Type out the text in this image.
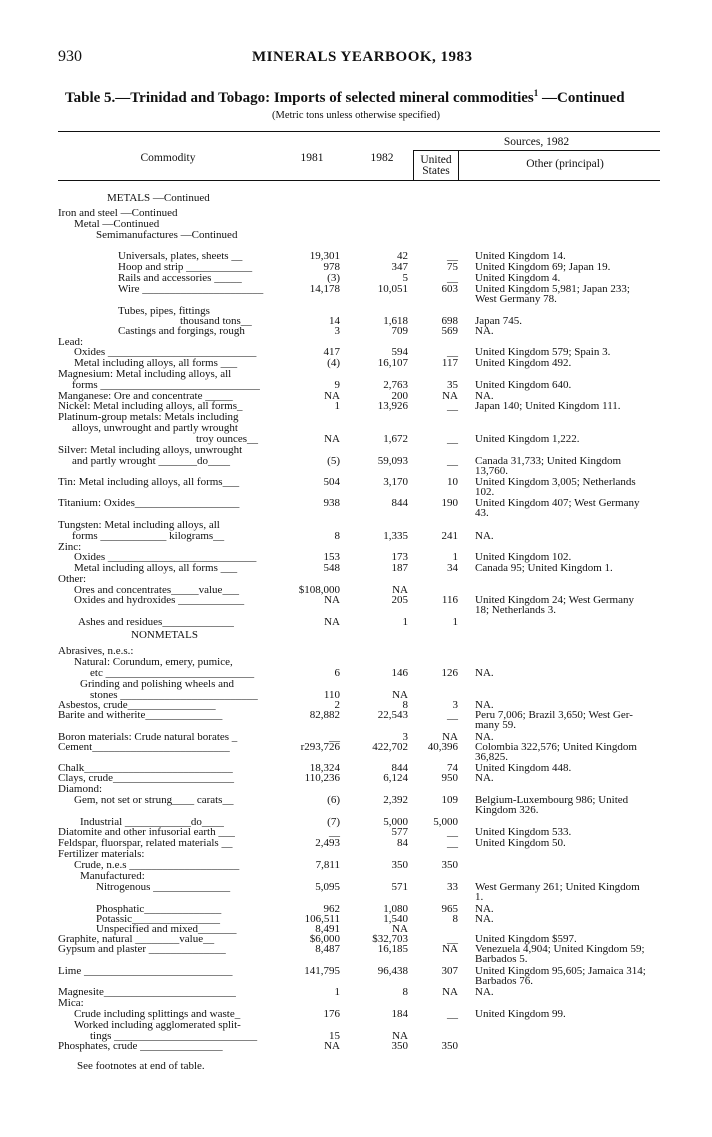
930	MINERALS YEARBOOK, 1983
Table 5.—Trinidad and Tobago: Imports of selected mineral commodities$^1$ —Continued
(Metric tons unless otherwise specified)
Commodity	1981	1982
Sources, 1982
United
States
Other (principal)
METALS —Continued
Iron and steel —Continued
Metal —Continued
Semimanufactures —Continued
Universals, plates, sheets __	19,301	42	__ United Kingdom 14.
Hoop and strip ____________	978	347	75 United Kingdom 69; Japan 19.
Rails and accessories _____	(3)	5	__ United Kingdom 4.
Wire ______________________	14,178	10,051	603 United Kingdom 5,981; Japan 233;
West Germany 78.
Tubes, pipes, fittings
thousand tons__	14	1,618	698 Japan 745.
Castings and forgings, rough	3	709	569 NA.
Lead:
Oxides ___________________________	417	594	__ United Kingdom 579; Spain 3.
Metal including alloys, all forms ___	(4)	16,107	117 United Kingdom 492.
Magnesium: Metal including alloys, all
forms _____________________________	9	2,763	35 United Kingdom 640.
Manganese: Ore and concentrate _____	NA	200	NA NA.
Nickel: Metal including alloys, all forms_	1	13,926	__ Japan 140; United Kingdom 111.
Platinum-group metals: Metals including
alloys, unwrought and partly wrought
troy ounces__	NA	1,672	__ United Kingdom 1,222.
Silver: Metal including alloys, unwrought
and partly wrought _______do____	(5)	59,093	__ Canada 31,733; United Kingdom
13,760.
Tin: Metal including alloys, all forms___	504	3,170	10 United Kingdom 3,005; Netherlands
102.
Titanium: Oxides___________________	938	844	190 United Kingdom 407; West Germany
43.
Tungsten: Metal including alloys, all
forms ____________ kilograms__	8	1,335	241 NA.
Zinc:
Oxides ___________________________	153	173	1 United Kingdom 102.
Metal including alloys, all forms ___	548	187	34 Canada 95; United Kingdom 1.
Other:
Ores and concentrates_____value___	$108,000	NA
Oxides and hydroxides ____________	NA	205	116 United Kingdom 24; West Germany
18; Netherlands 3.
Ashes and residues_____________	NA	1	1
NONMETALS
Abrasives, n.e.s.:
Natural: Corundum, emery, pumice,
etc ___________________________	6	146	126 NA.
Grinding and polishing wheels and
stones _________________________	110	NA
Asbestos, crude________________	2	8	3 NA.
Barite and witherite______________	82,882	22,543	__ Peru 7,006; Brazil 3,650; West Ger-
many 59.
Boron materials: Crude natural borates _	__	3	NA NA.
Cement_________________________	r293,726	422,702	40,396 Colombia 322,576; United Kingdom
36,825.
Chalk___________________________	18,324	844	74 United Kingdom 448.
Clays, crude______________________	110,236	6,124	950 NA.
Diamond:
Gem, not set or strung____ carats__	(6)	2,392	109 Belgium-Luxembourg 986; United
Kingdom 326.
Industrial ____________do____	(7)	5,000	5,000
Diatomite and other infusorial earth ___	__	577	__ United Kingdom 533.
Feldspar, fluorspar, related materials __	2,493	84	__ United Kingdom 50.
Fertilizer materials:
Crude, n.e.s ____________________	7,811	350	350
Manufactured:
Nitrogenous ______________	5,095	571	33 West Germany 261; United Kingdom
1.
Phosphatic______________	962	1,080	965 NA.
Potassic________________	106,511	1,540	8 NA.
Unspecified and mixed_______	8,491	NA
Graphite, natural ________value__	$6,000	$32,703	__ United Kingdom $597.
Gypsum and plaster ______________	8,487	16,185	NA Venezuela 4,904; United Kingdom 59;
Barbados 5.
Lime ___________________________	141,795	96,438	307 United Kingdom 95,605; Jamaica 314;
Barbados 76.
Magnesite________________________	1	8	NA NA.
Mica:
Crude including splittings and waste_	176	184	__ United Kingdom 99.
Worked including agglomerated split-
tings __________________________	15	NA
Phosphates, crude _______________	NA	350	350
See footnotes at end of table.
